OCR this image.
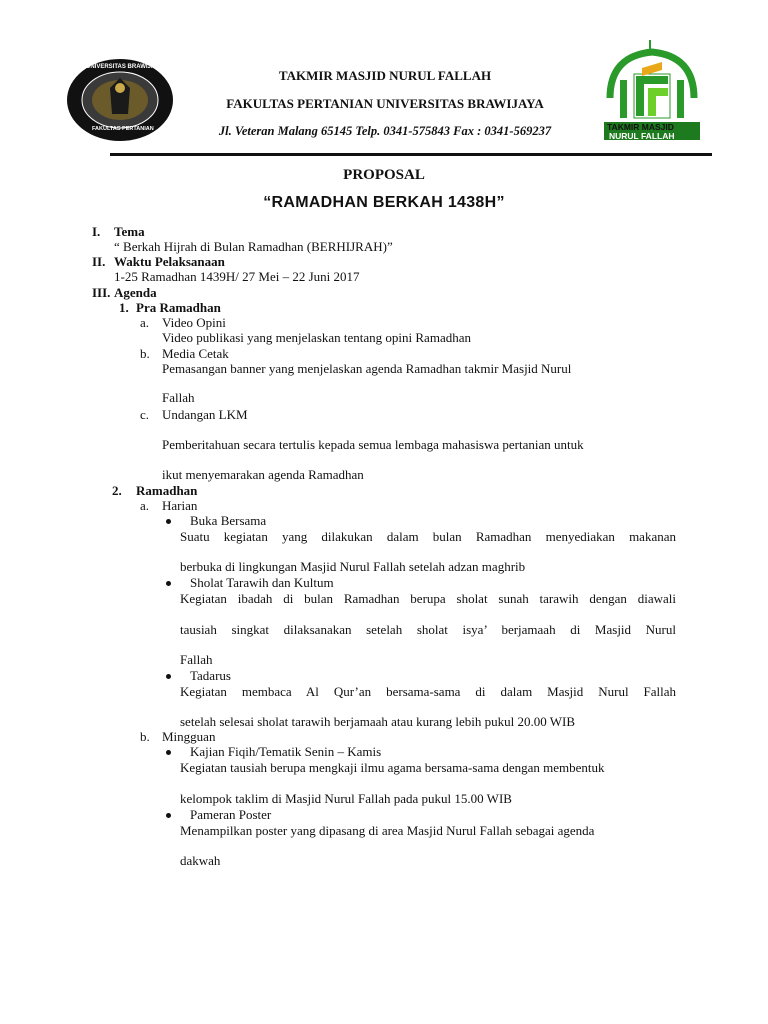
UNIVERSITAS BRAWIJAYA
FAKULTAS PERTANIAN
TAKMIR MASJID NURUL FALLAH
FAKULTAS PERTANIAN UNIVERSITAS BRAWIJAYA
Jl. Veteran Malang 65145 Telp. 0341-575843 Fax : 0341-569237	TAKMIR MASJID
NURUL FALLAH
PROPOSAL
“RAMADHAN BERKAH 1438H”
I. Tema
“ Berkah Hijrah di Bulan Ramadhan (BERHIJRAH)”
II. Waktu Pelaksanaan
1-25 Ramadhan 1439H/ 27 Mei – 22 Juni 2017
III. Agenda
1. Pra Ramadhan
a. Video Opini
Video publikasi yang menjelaskan tentang opini Ramadhan
b. Media Cetak
Pemasangan banner yang menjelaskan agenda Ramadhan takmir Masjid Nurul
Fallah
c. Undangan LKM
Pemberitahuan secara tertulis kepada semua lembaga mahasiswa pertanian untuk
ikut menyemarakan agenda Ramadhan
2. Ramadhan
a. Harian
Buka Bersama
Suatu kegiatan yang dilakukan dalam bulan Ramadhan menyediakan makanan
berbuka di lingkungan Masjid Nurul Fallah setelah adzan maghrib
Sholat Tarawih dan Kultum
Kegiatan ibadah di bulan Ramadhan berupa sholat sunah tarawih dengan diawali
tausiah singkat dilaksanakan setelah sholat isya’ berjamaah di Masjid Nurul
Fallah
Tadarus
Kegiatan membaca Al Qur’an bersama-sama di dalam Masjid Nurul Fallah
setelah selesai sholat tarawih berjamaah atau kurang lebih pukul 20.00 WIB
b. Mingguan
Kajian Fiqih/Tematik Senin – Kamis
Kegiatan tausiah berupa mengkaji ilmu agama bersama-sama dengan membentuk
kelompok taklim di Masjid Nurul Fallah pada pukul 15.00 WIB
Pameran Poster
Menampilkan poster yang dipasang di area Masjid Nurul Fallah sebagai agenda
dakwah
